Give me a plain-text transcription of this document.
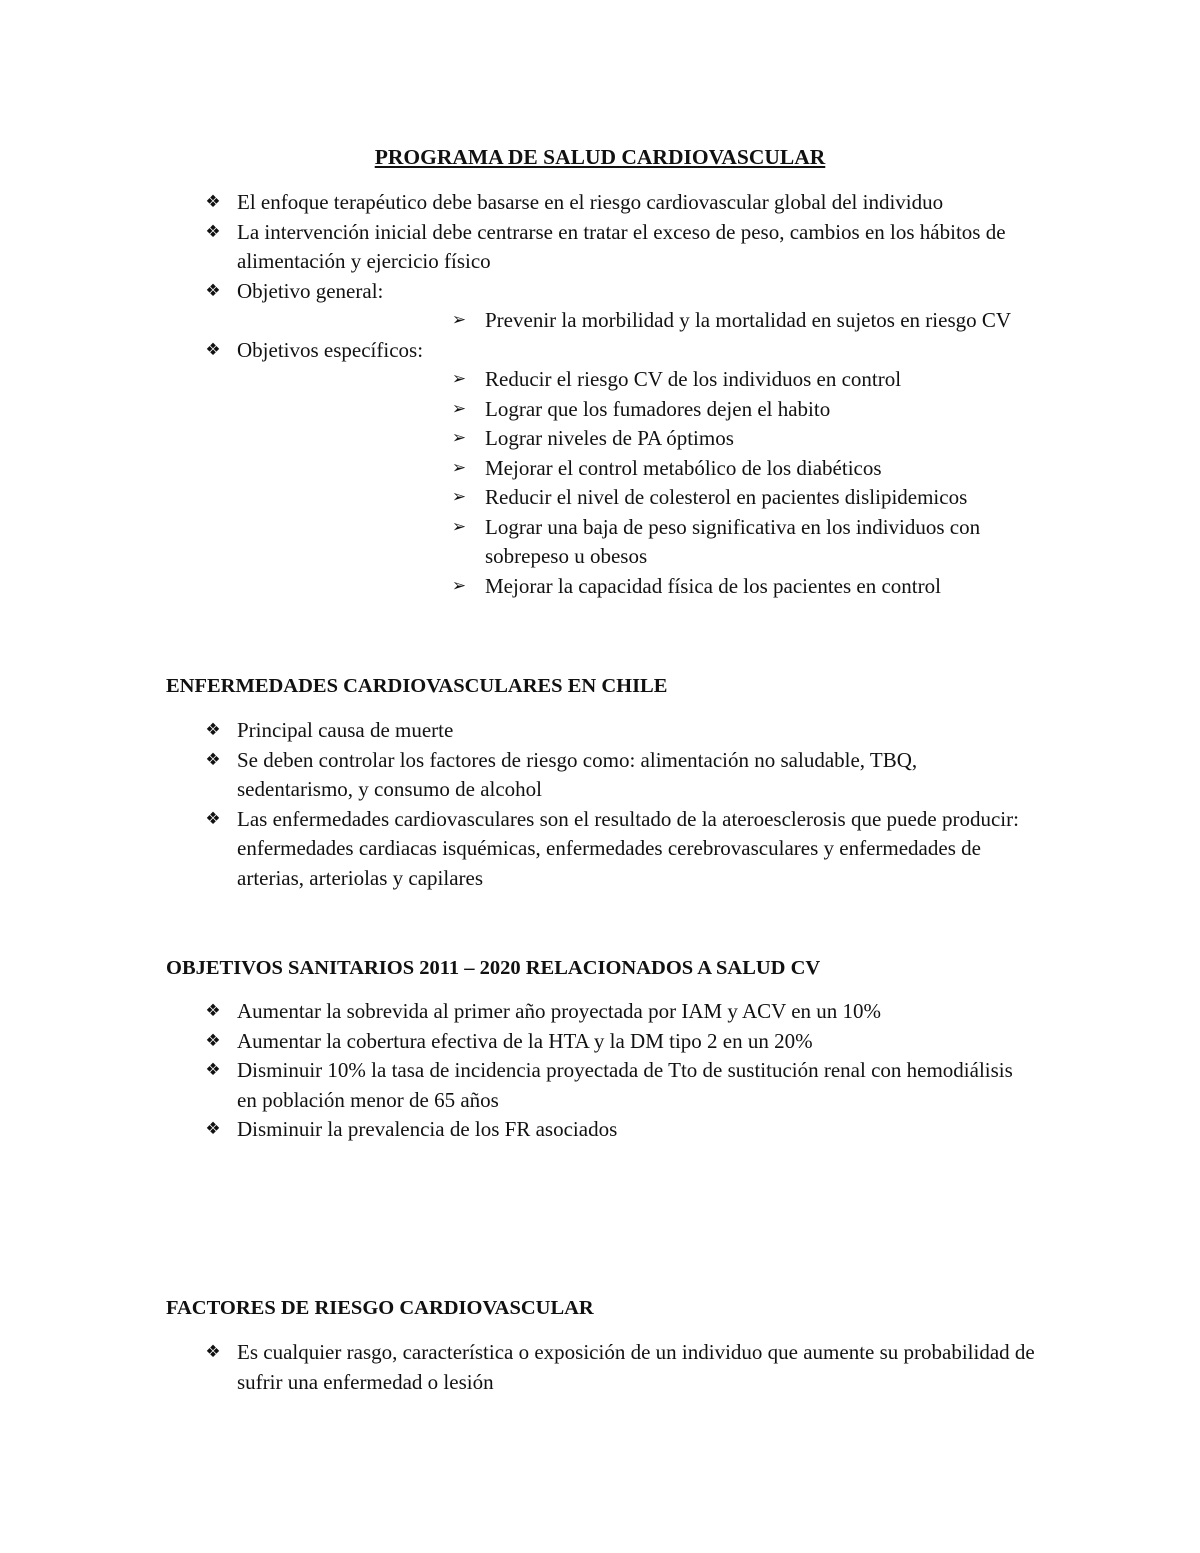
PROGRAMA DE SALUD CARDIOVASCULAR
❖ El enfoque terapéutico debe basarse en el riesgo cardiovascular global del individuo
❖ La intervención inicial debe centrarse en tratar el exceso de peso, cambios en los hábitos de alimentación y ejercicio físico
❖ Objetivo general:
➢ Prevenir la morbilidad y la mortalidad en sujetos en riesgo CV
❖ Objetivos específicos:
➢ Reducir el riesgo CV de los individuos en control
➢ Lograr que los fumadores dejen el habito
➢ Lograr niveles de PA óptimos
➢ Mejorar el control metabólico de los diabéticos
➢ Reducir el nivel de colesterol en pacientes dislipidemicos
➢ Lograr una baja de peso significativa en los individuos con sobrepeso u obesos
➢ Mejorar la capacidad física de los pacientes en control
ENFERMEDADES CARDIOVASCULARES EN CHILE
❖ Principal causa de muerte
❖ Se deben controlar los factores de riesgo como: alimentación no saludable, TBQ, sedentarismo, y consumo de alcohol
❖ Las enfermedades cardiovasculares son el resultado de la ateroesclerosis que puede producir: enfermedades cardiacas isquémicas, enfermedades cerebrovasculares y enfermedades de arterias, arteriolas y capilares
OBJETIVOS SANITARIOS 2011 – 2020 RELACIONADOS A SALUD CV
❖ Aumentar la sobrevida al primer año proyectada por IAM y ACV en un 10%
❖ Aumentar la cobertura efectiva de la HTA y la DM tipo 2 en un 20%
❖ Disminuir 10% la tasa de incidencia proyectada de Tto de sustitución renal con hemodiálisis en población menor de 65 años
❖ Disminuir la prevalencia de los FR asociados
FACTORES DE RIESGO CARDIOVASCULAR
❖ Es cualquier rasgo, característica o exposición de un individuo que aumente su probabilidad de sufrir una enfermedad o lesión
